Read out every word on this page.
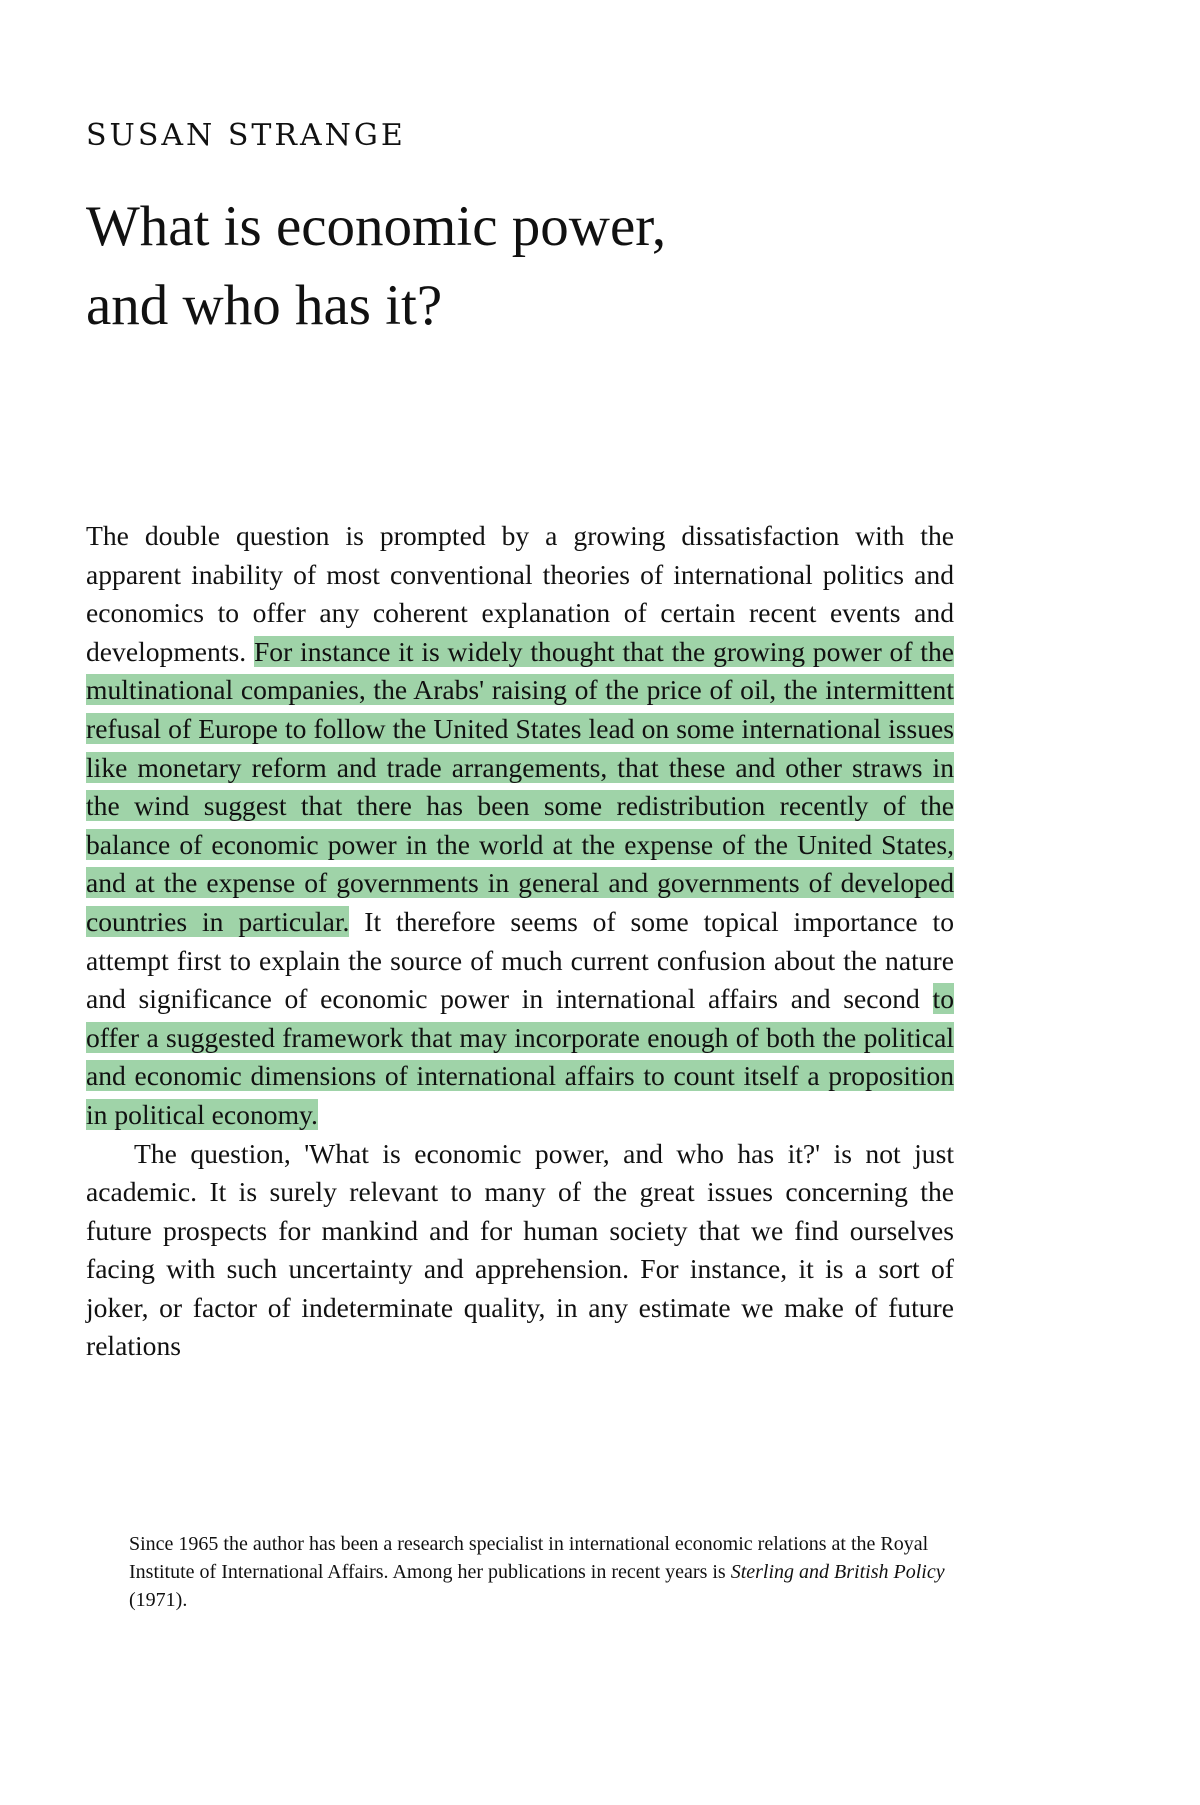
SUSAN STRANGE
What is economic power,
and who has it?

The double question is prompted by a growing dissatisfaction with the apparent inability of most conventional theories of international politics and economics to offer any coherent explanation of certain recent events and developments. For instance it is widely thought that the growing power of the multinational companies, the Arabs' raising of the price of oil, the intermittent refusal of Europe to follow the United States lead on some international issues like monetary reform and trade arrangements, that these and other straws in the wind suggest that there has been some redistribution recently of the balance of economic power in the world at the expense of the United States, and at the expense of governments in general and governments of developed countries in particular. It therefore seems of some topical importance to attempt first to explain the source of much current confusion about the nature and significance of economic power in international affairs and second to offer a suggested framework that may incorporate enough of both the political and economic dimensions of international affairs to count itself a proposition in political economy.

The question, 'What is economic power, and who has it?' is not just academic. It is surely relevant to many of the great issues concerning the future prospects for mankind and for human society that we find ourselves facing with such uncertainty and apprehension. For instance, it is a sort of joker, or factor of indeterminate quality, in any estimate we make of future relations

Since 1965 the author has been a research specialist in international economic relations at the Royal Institute of International Affairs. Among her publications in recent years is Sterling and British Policy (1971).
